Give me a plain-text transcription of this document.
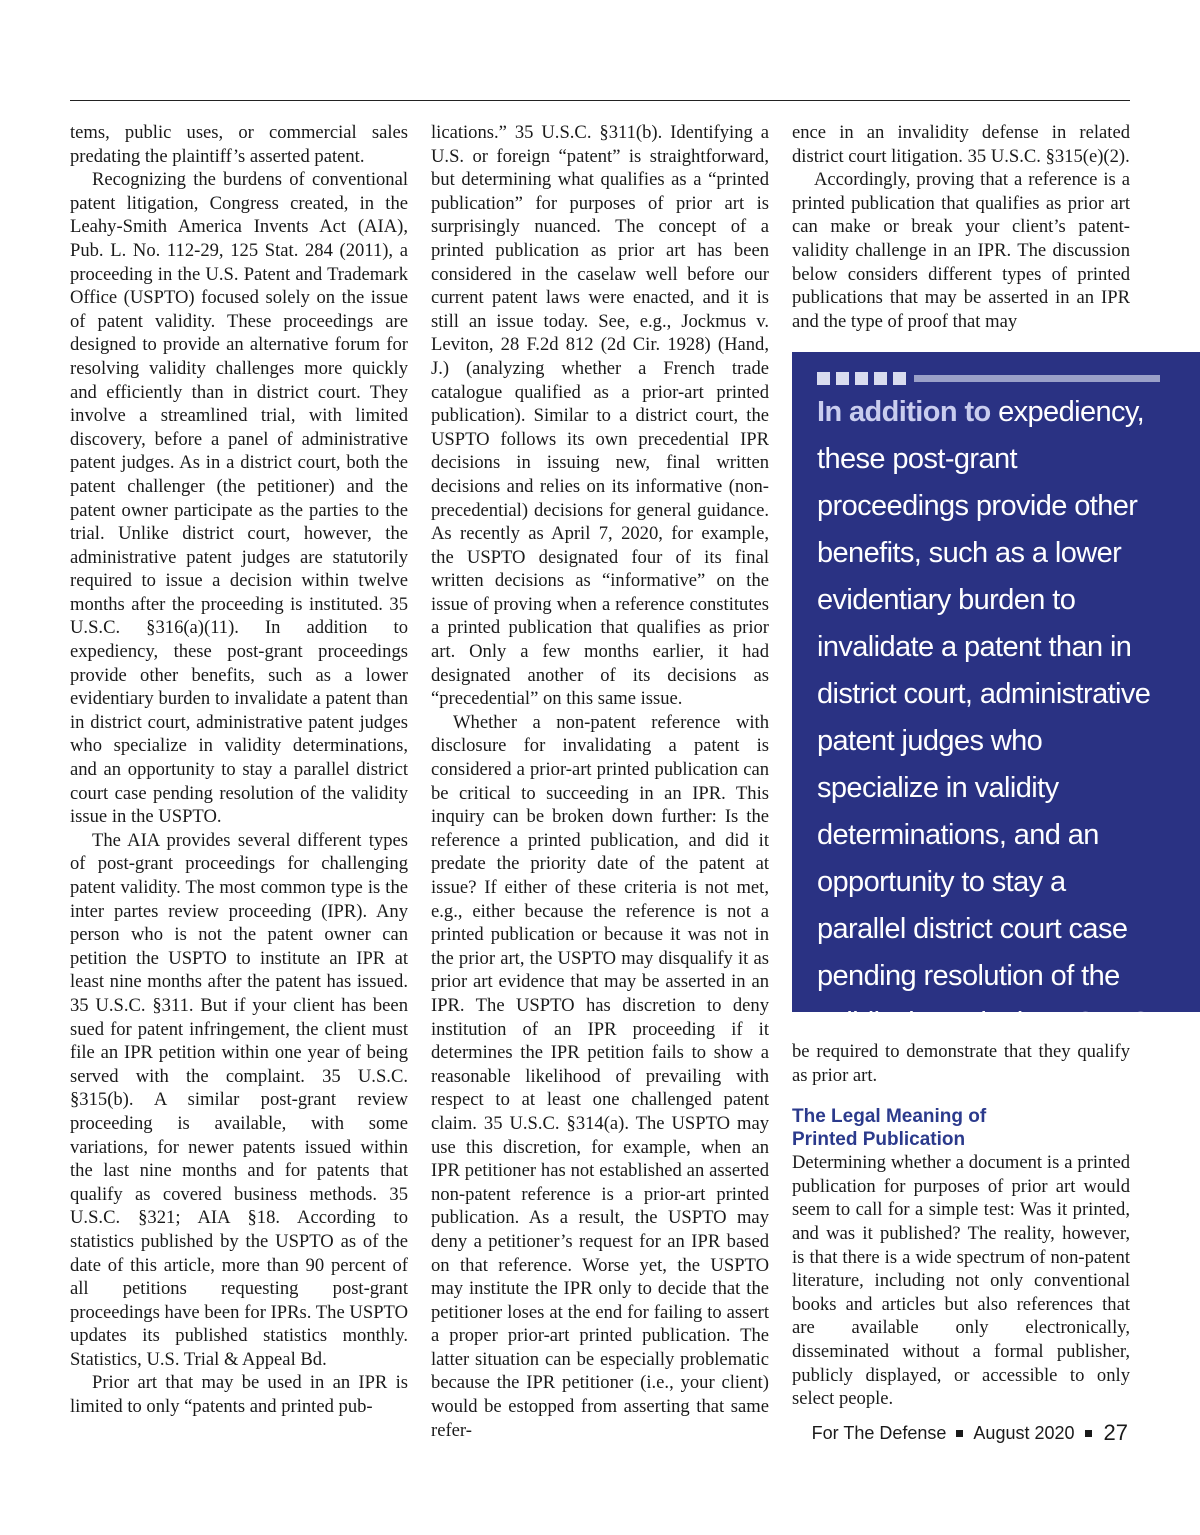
tems, public uses, or commercial sales predating the plaintiff’s asserted patent.

Recognizing the burdens of conventional patent litigation, Congress created, in the Leahy-Smith America Invents Act (AIA), Pub. L. No. 112-29, 125 Stat. 284 (2011), a proceeding in the U.S. Patent and Trademark Office (USPTO) focused solely on the issue of patent validity. These proceedings are designed to provide an alternative forum for resolving validity challenges more quickly and efficiently than in district court. They involve a streamlined trial, with limited discovery, before a panel of administrative patent judges. As in a district court, both the patent challenger (the petitioner) and the patent owner participate as the parties to the trial. Unlike district court, however, the administrative patent judges are statutorily required to issue a decision within twelve months after the proceeding is instituted. 35 U.S.C. §316(a)(11). In addition to expediency, these post-grant proceedings provide other benefits, such as a lower evidentiary burden to invalidate a patent than in district court, administrative patent judges who specialize in validity determinations, and an opportunity to stay a parallel district court case pending resolution of the validity issue in the USPTO.

The AIA provides several different types of post-grant proceedings for challenging patent validity. The most common type is the inter partes review proceeding (IPR). Any person who is not the patent owner can petition the USPTO to institute an IPR at least nine months after the patent has issued. 35 U.S.C. §311. But if your client has been sued for patent infringement, the client must file an IPR petition within one year of being served with the complaint. 35 U.S.C. §315(b). A similar post-grant review proceeding is available, with some variations, for newer patents issued within the last nine months and for patents that qualify as covered business methods. 35 U.S.C. §321; AIA §18. According to statistics published by the USPTO as of the date of this article, more than 90 percent of all petitions requesting post-grant proceedings have been for IPRs. The USPTO updates its published statistics monthly. Statistics, U.S. Trial & Appeal Bd.

Prior art that may be used in an IPR is limited to only “patents and printed pub-

lications.” 35 U.S.C. §311(b). Identifying a U.S. or foreign “patent” is straightforward, but determining what qualifies as a “printed publication” for purposes of prior art is surprisingly nuanced. The concept of a printed publication as prior art has been considered in the caselaw well before our current patent laws were enacted, and it is still an issue today. See, e.g., Jockmus v. Leviton, 28 F.2d 812 (2d Cir. 1928) (Hand, J.) (analyzing whether a French trade catalogue qualified as a prior-art printed publication). Similar to a district court, the USPTO follows its own precedential IPR decisions in issuing new, final written decisions and relies on its informative (non-precedential) decisions for general guidance. As recently as April 7, 2020, for example, the USPTO designated four of its final written decisions as “informative” on the issue of proving when a reference constitutes a printed publication that qualifies as prior art. Only a few months earlier, it had designated another of its decisions as “precedential” on this same issue.

Whether a non-patent reference with disclosure for invalidating a patent is considered a prior-art printed publication can be critical to succeeding in an IPR. This inquiry can be broken down further: Is the reference a printed publication, and did it predate the priority date of the patent at issue? If either of these criteria is not met, e.g., either because the reference is not a printed publication or because it was not in the prior art, the USPTO may disqualify it as prior art evidence that may be asserted in an IPR. The USPTO has discretion to deny institution of an IPR proceeding if it determines the IPR petition fails to show a reasonable likelihood of prevailing with respect to at least one challenged patent claim. 35 U.S.C. §314(a). The USPTO may use this discretion, for example, when an IPR petitioner has not established an asserted non-patent reference is a prior-art printed publication. As a result, the USPTO may deny a petitioner’s request for an IPR based on that reference. Worse yet, the USPTO may institute the IPR only to decide that the petitioner loses at the end for failing to assert a proper prior-art printed publication. The latter situation can be especially problematic because the IPR petitioner (i.e., your client) would be estopped from asserting that same refer-

ence in an invalidity defense in related district court litigation. 35 U.S.C. §315(e)(2).

Accordingly, proving that a reference is a printed publication that qualifies as prior art can make or break your client’s patent-validity challenge in an IPR. The discussion below considers different types of printed publications that may be asserted in an IPR and the type of proof that may

In addition to expediency, these post-grant proceedings provide other benefits, such as a lower evidentiary burden to invalidate a patent than in district court, administrative patent judges who specialize in validity determinations, and an opportunity to stay a parallel district court case pending resolution of the validity issue in the USPTO.

be required to demonstrate that they qualify as prior art.

The Legal Meaning of
Printed Publication

Determining whether a document is a printed publication for purposes of prior art would seem to call for a simple test: Was it printed, and was it published? The reality, however, is that there is a wide spectrum of non-patent literature, including not only conventional books and articles but also references that are available only electronically, disseminated without a formal publisher, publicly displayed, or accessible to only select people.

For The Defense August 2020 27
